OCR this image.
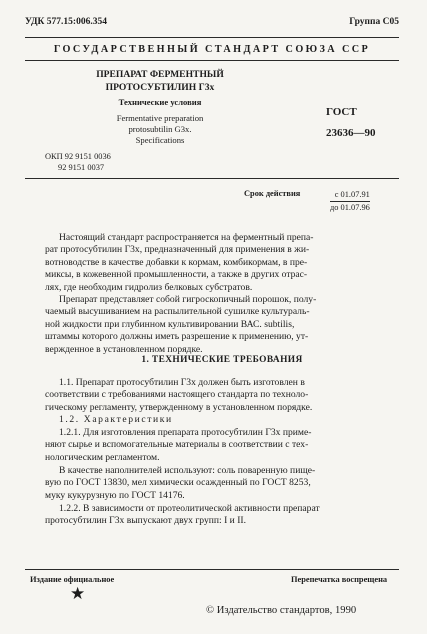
УДК 577.15:006.354	Группа С05
ГОСУДАРСТВЕННЫЙ СТАНДАРТ СОЮЗА ССР
ПРЕПАРАТ ФЕРМЕНТНЫЙ
ПРОТОСУБТИЛИН Г3х
Технические условия
Fermentative preparation
protosubtilin G3x.
Specifications
ГОСТ
23636—90
ОКП 92 9151 0036
92 9151 0037
Срок действия	с 01.07.91
до 01.07.96
Настоящий стандарт распространяется на ферментный препа-
рат протосубтилин Г3х, предназначенный для применения в жи-
вотноводстве в качестве добавки к кормам, комбикормам, в пре-
миксы, в кожевенной промышленности, а также в других отрас-
лях, где необходим гидролиз белковых субстратов.
Препарат представляет собой гигроскопичный порошок, полу-
чаемый высушиванием на распылительной сушилке культураль-
ной жидкости при глубинном культивировании ВАС. subtilis,
штаммы которого должны иметь разрешение к применению, ут-
вержденное в установленном порядке.
1. ТЕХНИЧЕСКИЕ ТРЕБОВАНИЯ
1.1. Препарат протосубтилин Г3х должен быть изготовлен в
соответствии с требованиями настоящего стандарта по техноло-
гическому регламенту, утвержденному в установленном порядке.
1.2. Характеристики
1.2.1. Для изготовления препарата протосубтилин Г3х приме-
няют сырье и вспомогательные материалы в соответствии с тех-
нологическим регламентом.
В качестве наполнителей используют: соль поваренную пище-
вую по ГОСТ 13830, мел химически осажденный по ГОСТ 8253,
муку кукурузную по ГОСТ 14176.
1.2.2. В зависимости от протеолитической активности препарат
протосубтилин Г3х выпускают двух групп: I и II.
Издание официальное	Перепечатка воспрещена
★
© Издательство стандартов, 1990
